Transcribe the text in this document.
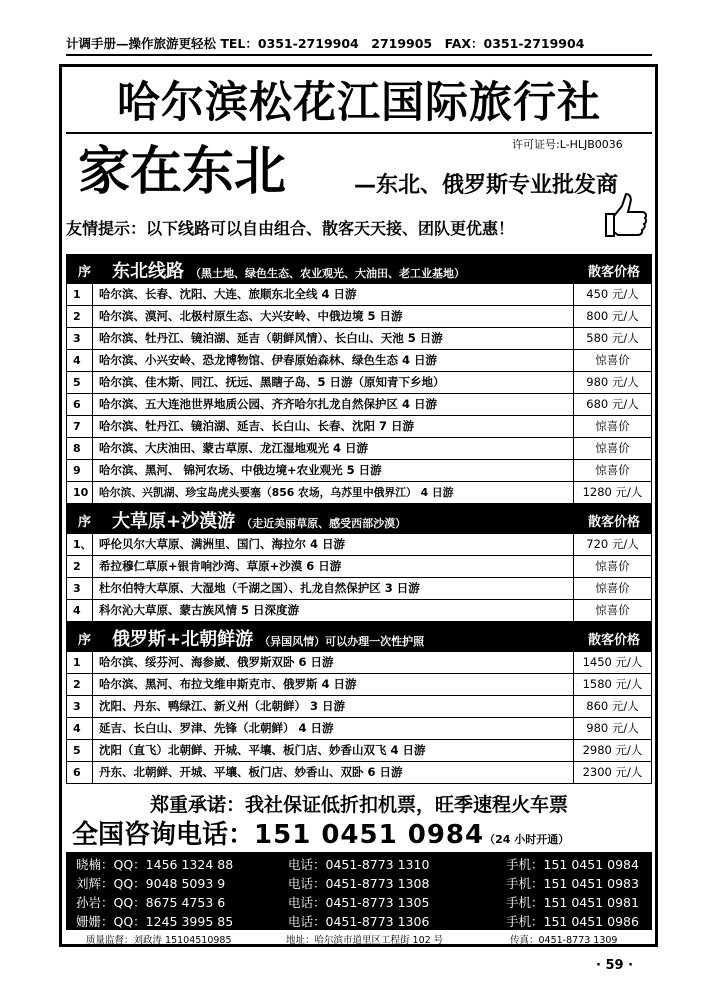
计调手册—操作旅游更轻松 TEL：0351-2719904　2719905　FAX：0351-2719904
哈尔滨松花江国际旅行社
许可证号:L-HLJB0036
家在东北	—东北、俄罗斯专业批发商
友情提示：以下线路可以自由组合、散客天天接、团队更优惠！
序 东北线路 （黑土地、绿色生态、农业观光、大油田、老工业基地）	散客价格
1	哈尔滨、长春、沈阳、大连、旅顺东北全线 4 日游	450 元/人
2	哈尔滨、漠河、北极村原生态、大兴安岭、中俄边境 5 日游	800 元/人
3	哈尔滨、牡丹江、镜泊湖、延吉（朝鲜风情）、长白山、天池 5 日游	580 元/人
4	哈尔滨、小兴安岭、恐龙博物馆、伊春原始森林、绿色生态 4 日游	惊喜价
5	哈尔滨、佳木斯、同江、抚远、黑瞎子岛、5 日游（原知青下乡地）	980 元/人
6	哈尔滨、五大连池世界地质公园、齐齐哈尔扎龙自然保护区 4 日游	680 元/人
7	哈尔滨、牡丹江、镜泊湖、延吉、长白山、长春、沈阳 7 日游	惊喜价
8	哈尔滨、大庆油田、蒙古草原、龙江湿地观光 4 日游	惊喜价
9	哈尔滨、黑河、 锦河农场、中俄边境+农业观光 5 日游	惊喜价
10 哈尔滨、兴凯湖、珍宝岛虎头要塞（856 农场，乌苏里中俄界江） 4 日游	1280 元/人
序 大草原+沙漠游 （走近美丽草原、感受西部沙漠）	散客价格
1、 呼伦贝尔大草原、满洲里、国门、海拉尔 4 日游	720 元/人
2	希拉穆仁草原+银肯响沙湾、草原+沙漠 6 日游	惊喜价
3	杜尔伯特大草原、大湿地（千湖之国）、扎龙自然保护区 3 日游	惊喜价
4	科尔沁大草原、蒙古族风情 5 日深度游	惊喜价
序 俄罗斯+北朝鲜游 （异国风情）可以办理一次性护照	散客价格
1	哈尔滨、绥芬河、海参崴、俄罗斯双卧 6 日游	1450 元/人
2	哈尔滨、黑河、布拉戈维申斯克市、俄罗斯 4 日游	1580 元/人
3	沈阳、丹东、鸭绿江、新义州（北朝鲜） 3 日游	860 元/人
4	延吉、长白山、罗津、先锋（北朝鲜） 4 日游	980 元/人
5	沈阳（直飞）北朝鲜、开城、平壤、板门店、妙香山双飞 4 日游	2980 元/人
6	丹东、北朝鲜、开城、平壤、板门店、妙香山、双卧 6 日游	2300 元/人
郑重承诺：我社保证低折扣机票，旺季速程火车票
全国咨询电话：151 0451 0984（24 小时开通）
晓楠：QQ：1456 1324 88	电话：0451-8773 1310	手机：151 0451 0984
刘辉：QQ：9048 5093 9	电话：0451-8773 1308	手机：151 0451 0983
孙岩：QQ：8675 4753 6	电话：0451-8773 1305	手机：151 0451 0981
姗姗：QQ：1245 3995 85	电话：0451-8773 1306	手机：151 0451 0986
质量监督：刘政涛 15104510985	地址：哈尔滨市道里区工程街 102 号	传真：0451-8773 1309
· 59 ·
